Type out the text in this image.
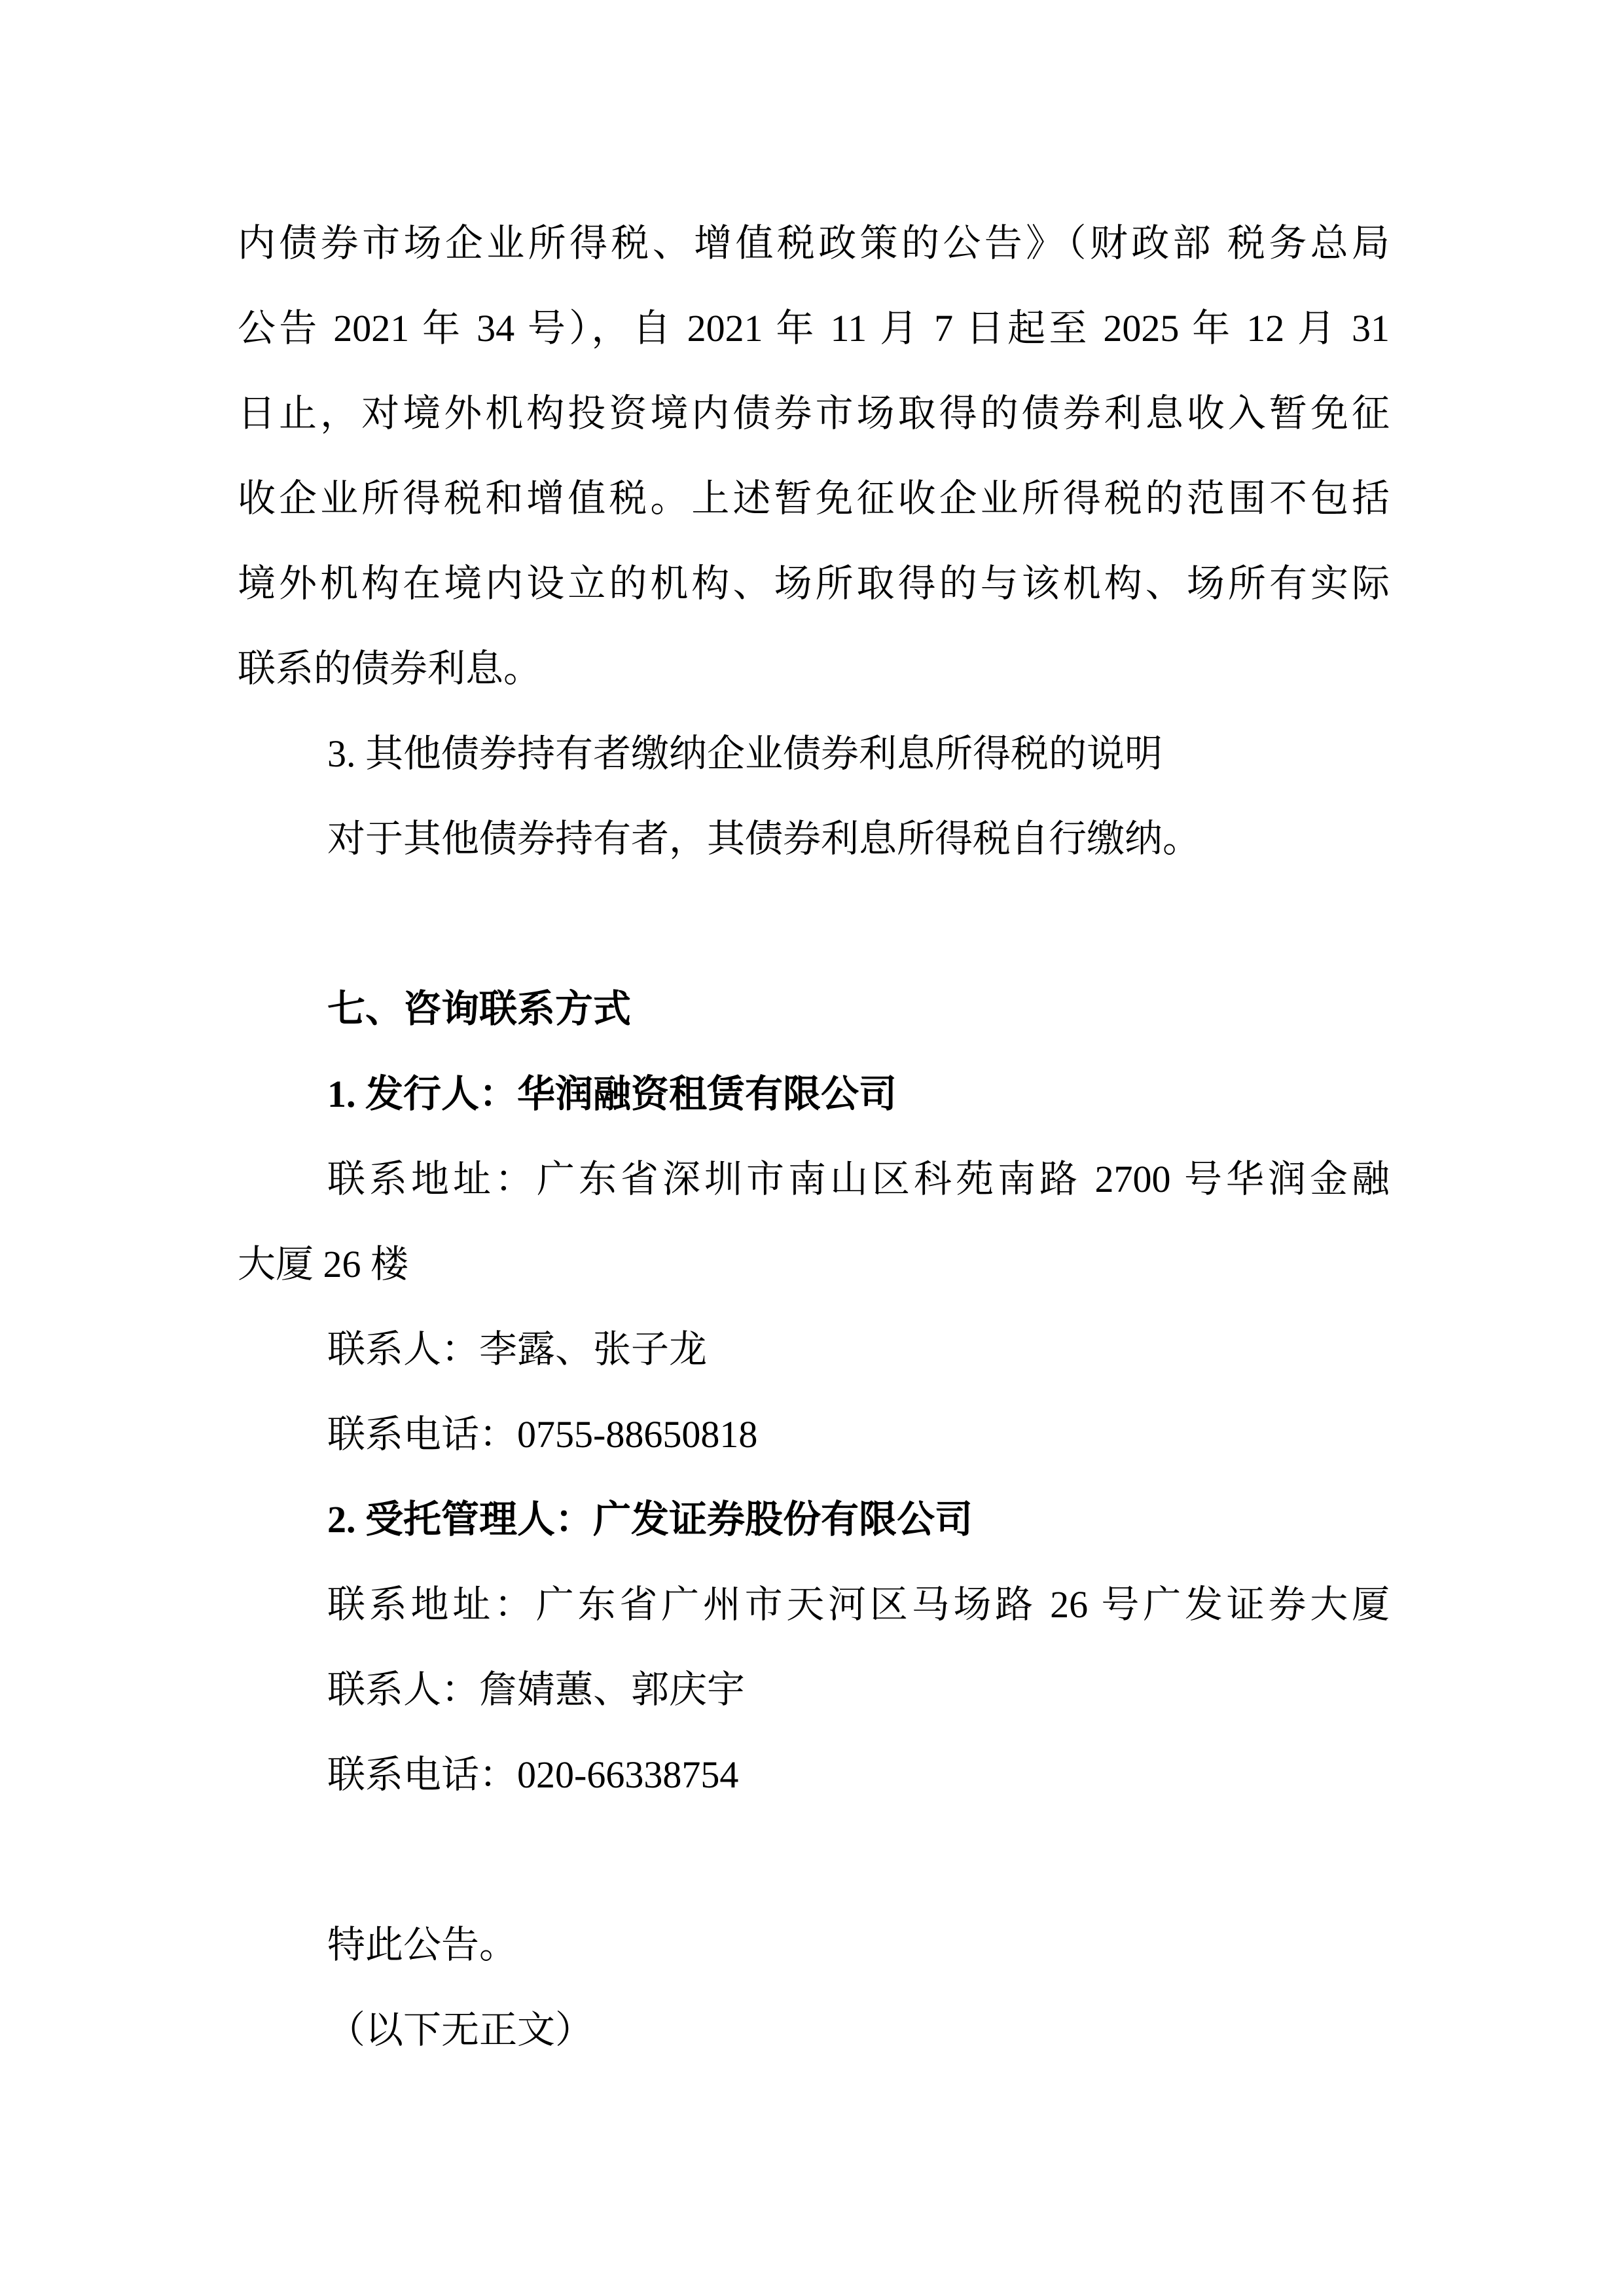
内债券市场企业所得税、增值税政策的公告》（财政部 税务总局
公告 2021 年 34 号），自 2021 年 11 月 7 日起至 2025 年 12 月 31
日止，对境外机构投资境内债券市场取得的债券利息收入暂免征
收企业所得税和增值税。上述暂免征收企业所得税的范围不包括
境外机构在境内设立的机构、场所取得的与该机构、场所有实际
联系的债券利息。
3. 其他债券持有者缴纳企业债券利息所得税的说明
对于其他债券持有者，其债券利息所得税自行缴纳。

七、咨询联系方式
1. 发行人：华润融资租赁有限公司
联系地址：广东省深圳市南山区科苑南路 2700 号华润金融
大厦 26 楼
联系人：李露、张子龙
联系电话：0755-88650818
2. 受托管理人：广发证券股份有限公司
联系地址：广东省广州市天河区马场路 26 号广发证券大厦
联系人：詹婧蕙、郭庆宇
联系电话：020-66338754

特此公告。
（以下无正文）
